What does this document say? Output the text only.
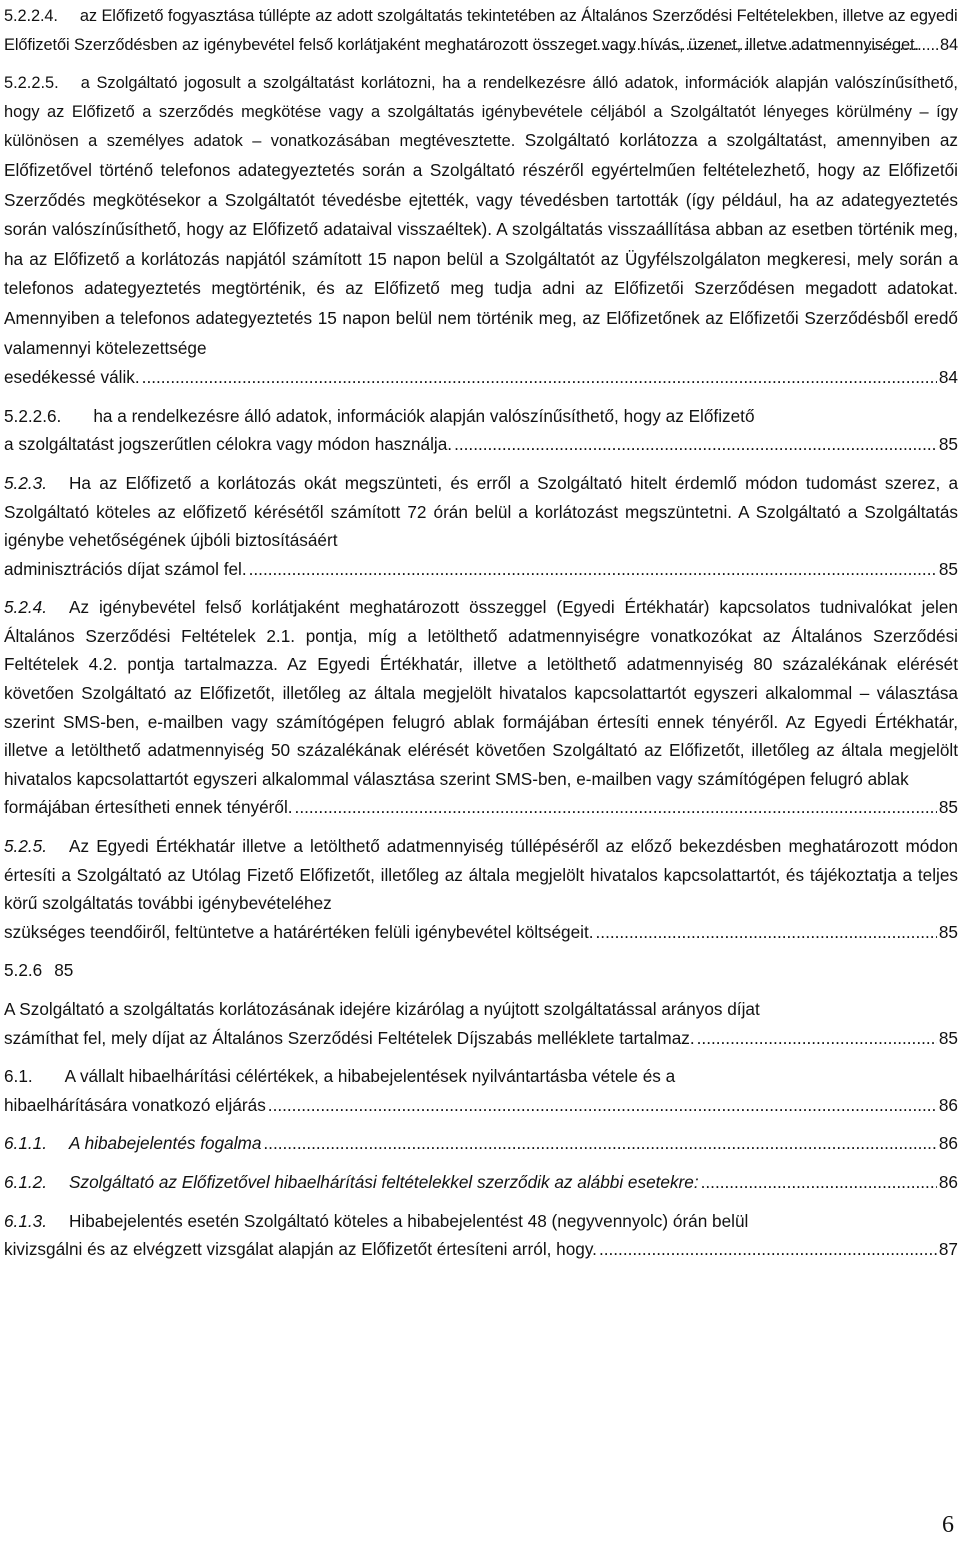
5.2.2.4. az Előfizető fogyasztása túllépte az adott szolgáltatás tekintetében az Általános Szerződési Feltételekben, illetve az egyedi Előfizetői Szerződésben az igénybevétel felső korlátjaként meghatározott összeget vagy hívás, üzenet, illetve adatmennyiséget. .....	84
5.2.2.5. a Szolgáltató jogosult a szolgáltatást korlátozni, ha a rendelkezésre álló adatok, információk alapján valószínűsíthető, hogy az Előfizető a szerződés megkötése vagy a szolgáltatás igénybevétele céljából a Szolgáltatót lényeges körülmény – így különösen a személyes adatok – vonatkozásában megtévesztette. Szolgáltató korlátozza a szolgáltatást, amennyiben az Előfizetővel történő telefonos adategyeztetés során a Szolgáltató részéről egyértelműen feltételezhető, hogy az Előfizetői Szerződés megkötésekor a Szolgáltatót tévedésbe ejtették, vagy tévedésben tartották (így például, ha az adategyeztetés során valószínűsíthető, hogy az Előfizető adataival visszaéltek). A szolgáltatás visszaállítása abban az esetben történik meg, ha az Előfizető a korlátozás napjától számított 15 napon belül a Szolgáltatót az Ügyfélszolgálaton megkeresi, mely során a telefonos adategyeztetés megtörténik, és az Előfizető meg tudja adni az Előfizetői Szerződésen megadott adatokat. Amennyiben a telefonos adategyeztetés 15 napon belül nem történik meg, az Előfizetőnek az Előfizetői Szerződésből eredő valamennyi kötelezettsége
esedékessé válik. .....	84
5.2.2.6. ha a rendelkezésre álló adatok, információk alapján valószínűsíthető, hogy az Előfizető
a szolgáltatást jogszerűtlen célokra vagy módon használja. .....	85
5.2.3. Ha az Előfizető a korlátozás okát megszünteti, és erről a Szolgáltató hitelt érdemlő módon tudomást szerez, a Szolgáltató köteles az előfizető kérésétől számított 72 órán belül a korlátozást megszüntetni. A Szolgáltató a Szolgáltatás igénybe vehetőségének újbóli biztosításáért
adminisztrációs díjat számol fel. .....	85
5.2.4. Az igénybevétel felső korlátjaként meghatározott összeggel (Egyedi Értékhatár) kapcsolatos tudnivalókat jelen Általános Szerződési Feltételek 2.1. pontja, míg a letölthető adatmennyiségre vonatkozókat az Általános Szerződési Feltételek 4.2. pontja tartalmazza. Az Egyedi Értékhatár, illetve a letölthető adatmennyiség 80 százalékának elérését követően Szolgáltató az Előfizetőt, illetőleg az általa megjelölt hivatalos kapcsolattartót egyszeri alkalommal – választása szerint SMS-ben, e-mailben vagy számítógépen felugró ablak formájában értesíti ennek tényéről. Az Egyedi Értékhatár, illetve a letölthető adatmennyiség 50 százalékának elérését követően Szolgáltató az Előfizetőt, illetőleg az általa megjelölt hivatalos kapcsolattartót egyszeri alkalommal választása szerint SMS-ben, e-mailben vagy számítógépen felugró ablak
formájában értesítheti ennek tényéről. .....	85
5.2.5. Az Egyedi Értékhatár illetve a letölthető adatmennyiség túllépéséről az előző bekezdésben meghatározott módon értesíti a Szolgáltató az Utólag Fizető Előfizetőt, illetőleg az általa megjelölt hivatalos kapcsolattartót, és tájékoztatja a teljes körű szolgáltatás további igénybevételéhez
szükséges teendőiről, feltüntetve a határértéken felüli igénybevétel költségeit. .....	85
5.2.6 85
A Szolgáltató a szolgáltatás korlátozásának idejére kizárólag a nyújtott szolgáltatással arányos díjat
számíthat fel, mely díjat az Általános Szerződési Feltételek Díjszabás melléklete tartalmaz. .....	85
6.1. A vállalt hibaelhárítási célértékek, a hibabejelentések nyilvántartásba vétele és a
hibaelhárítására vonatkozó eljárás .....	86
6.1.1. A hibabejelentés fogalma .....	86
6.1.2. Szolgáltató az Előfizetővel hibaelhárítási feltételekkel szerződik az alábbi esetekre: .....	86
6.1.3. Hibabejelentés esetén Szolgáltató köteles a hibabejelentést 48 (negyvennyolc) órán belül
kivizsgálni és az elvégzett vizsgálat alapján az Előfizetőt értesíteni arról, hogy. .....	87
6
